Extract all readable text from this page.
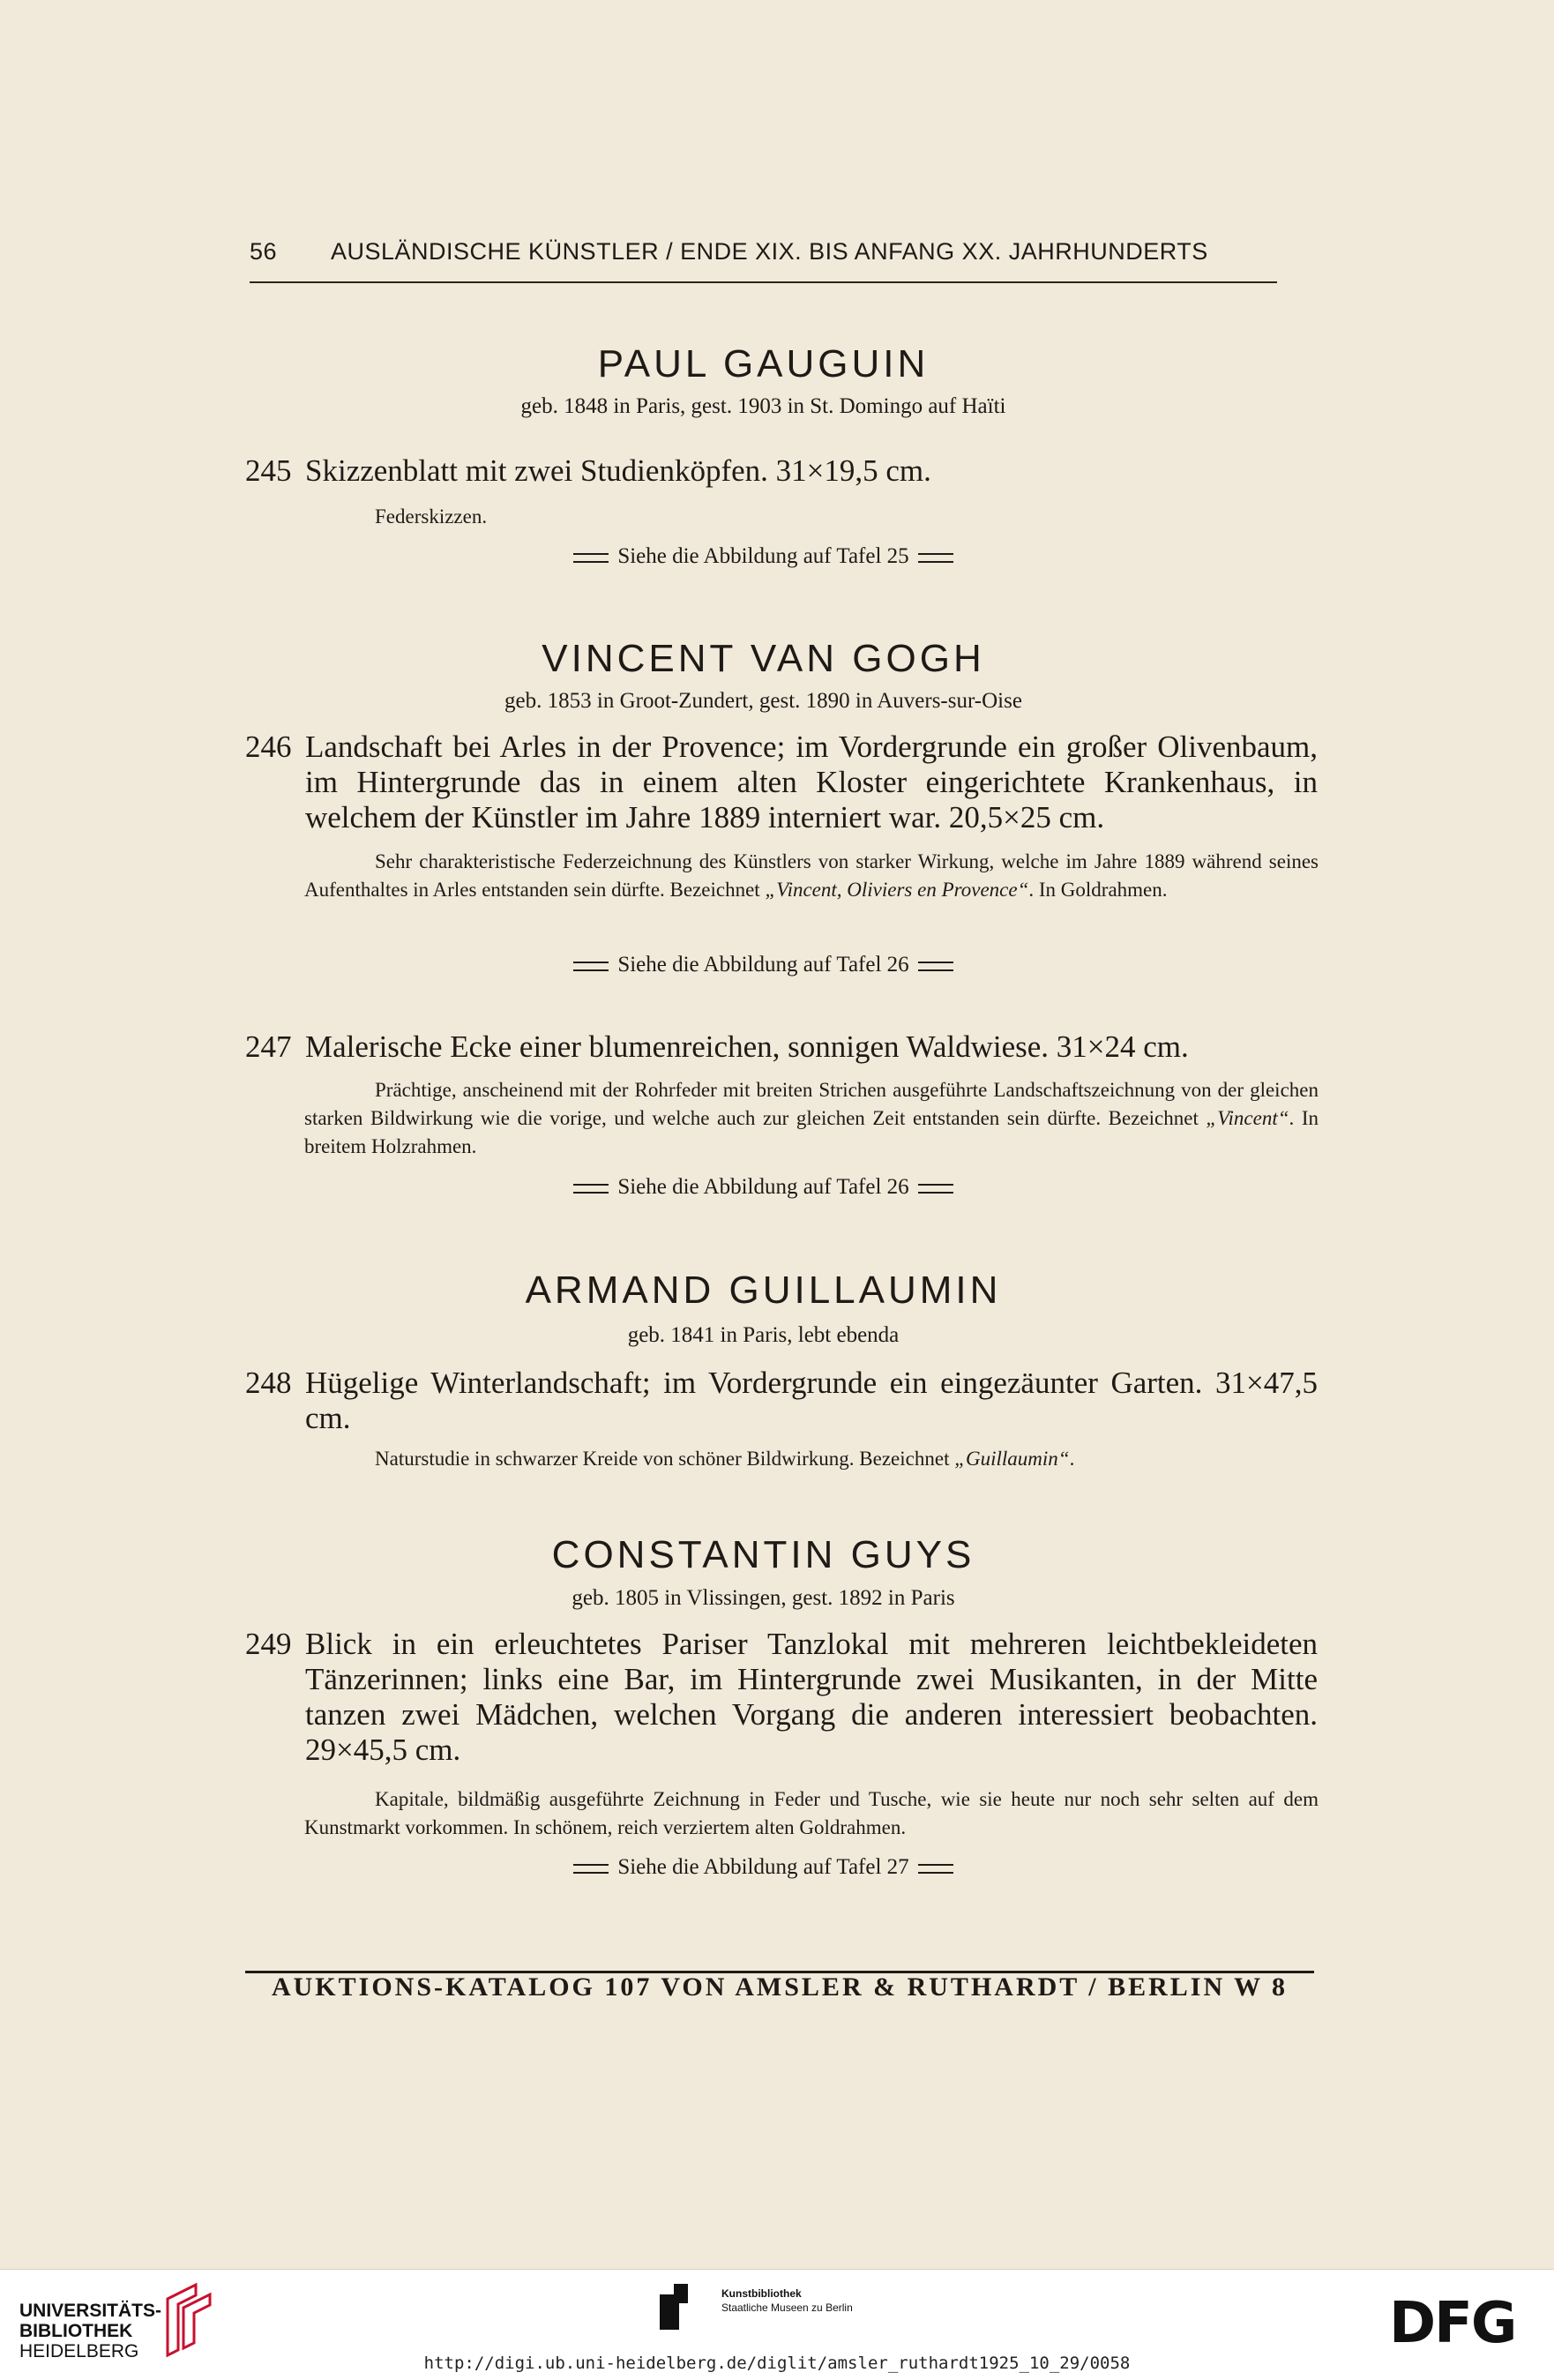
56 AUSLÄNDISCHE KÜNSTLER / ENDE XIX. BIS ANFANG XX. JAHRHUNDERTS
PAUL GAUGUIN
geb. 1848 in Paris, gest. 1903 in St. Domingo auf Haïti
245 Skizzenblatt mit zwei Studienköpfen. 31×19,5 cm.
Federskizzen.
Siehe die Abbildung auf Tafel 25
VINCENT VAN GOGH
geb. 1853 in Groot-Zundert, gest. 1890 in Auvers-sur-Oise
246 Landschaft bei Arles in der Provence; im Vordergrunde ein großer Olivenbaum, im Hintergrunde das in einem alten Kloster eingerichtete Krankenhaus, in welchem der Künstler im Jahre 1889 interniert war. 20,5×25 cm.
Sehr charakteristische Federzeichnung des Künstlers von starker Wirkung, welche im Jahre 1889 während seines Aufenthaltes in Arles entstanden sein dürfte. Bezeichnet „Vincent, Oliviers en Provence“. In Goldrahmen.
Siehe die Abbildung auf Tafel 26
247 Malerische Ecke einer blumenreichen, sonnigen Waldwiese. 31×24 cm.
Prächtige, anscheinend mit der Rohrfeder mit breiten Strichen ausgeführte Landschaftszeichnung von der gleichen starken Bildwirkung wie die vorige, und welche auch zur gleichen Zeit entstanden sein dürfte. Bezeichnet „Vincent“. In breitem Holzrahmen.
Siehe die Abbildung auf Tafel 26
ARMAND GUILLAUMIN
geb. 1841 in Paris, lebt ebenda
248 Hügelige Winterlandschaft; im Vordergrunde ein eingezäunter Garten. 31×47,5 cm.
Naturstudie in schwarzer Kreide von schöner Bildwirkung. Bezeichnet „Guillaumin“.
CONSTANTIN GUYS
geb. 1805 in Vlissingen, gest. 1892 in Paris
249 Blick in ein erleuchtetes Pariser Tanzlokal mit mehreren leichtbekleideten Tänzerinnen; links eine Bar, im Hintergrunde zwei Musikanten, in der Mitte tanzen zwei Mädchen, welchen Vorgang die anderen interessiert beobachten. 29×45,5 cm.
Kapitale, bildmäßig ausgeführte Zeichnung in Feder und Tusche, wie sie heute nur noch sehr selten auf dem Kunstmarkt vorkommen. In schönem, reich verziertem alten Goldrahmen.
Siehe die Abbildung auf Tafel 27
AUKTIONS-KATALOG 107 VON AMSLER & RUTHARDT / BERLIN W 8
UNIVERSITÄTS-
BIBLIOTHEK
HEIDELBERG
Kunstbibliothek
Staatliche Museen zu Berlin	DFG
http://digi.ub.uni-heidelberg.de/diglit/amsler_ruthardt1925_10_29/0058
